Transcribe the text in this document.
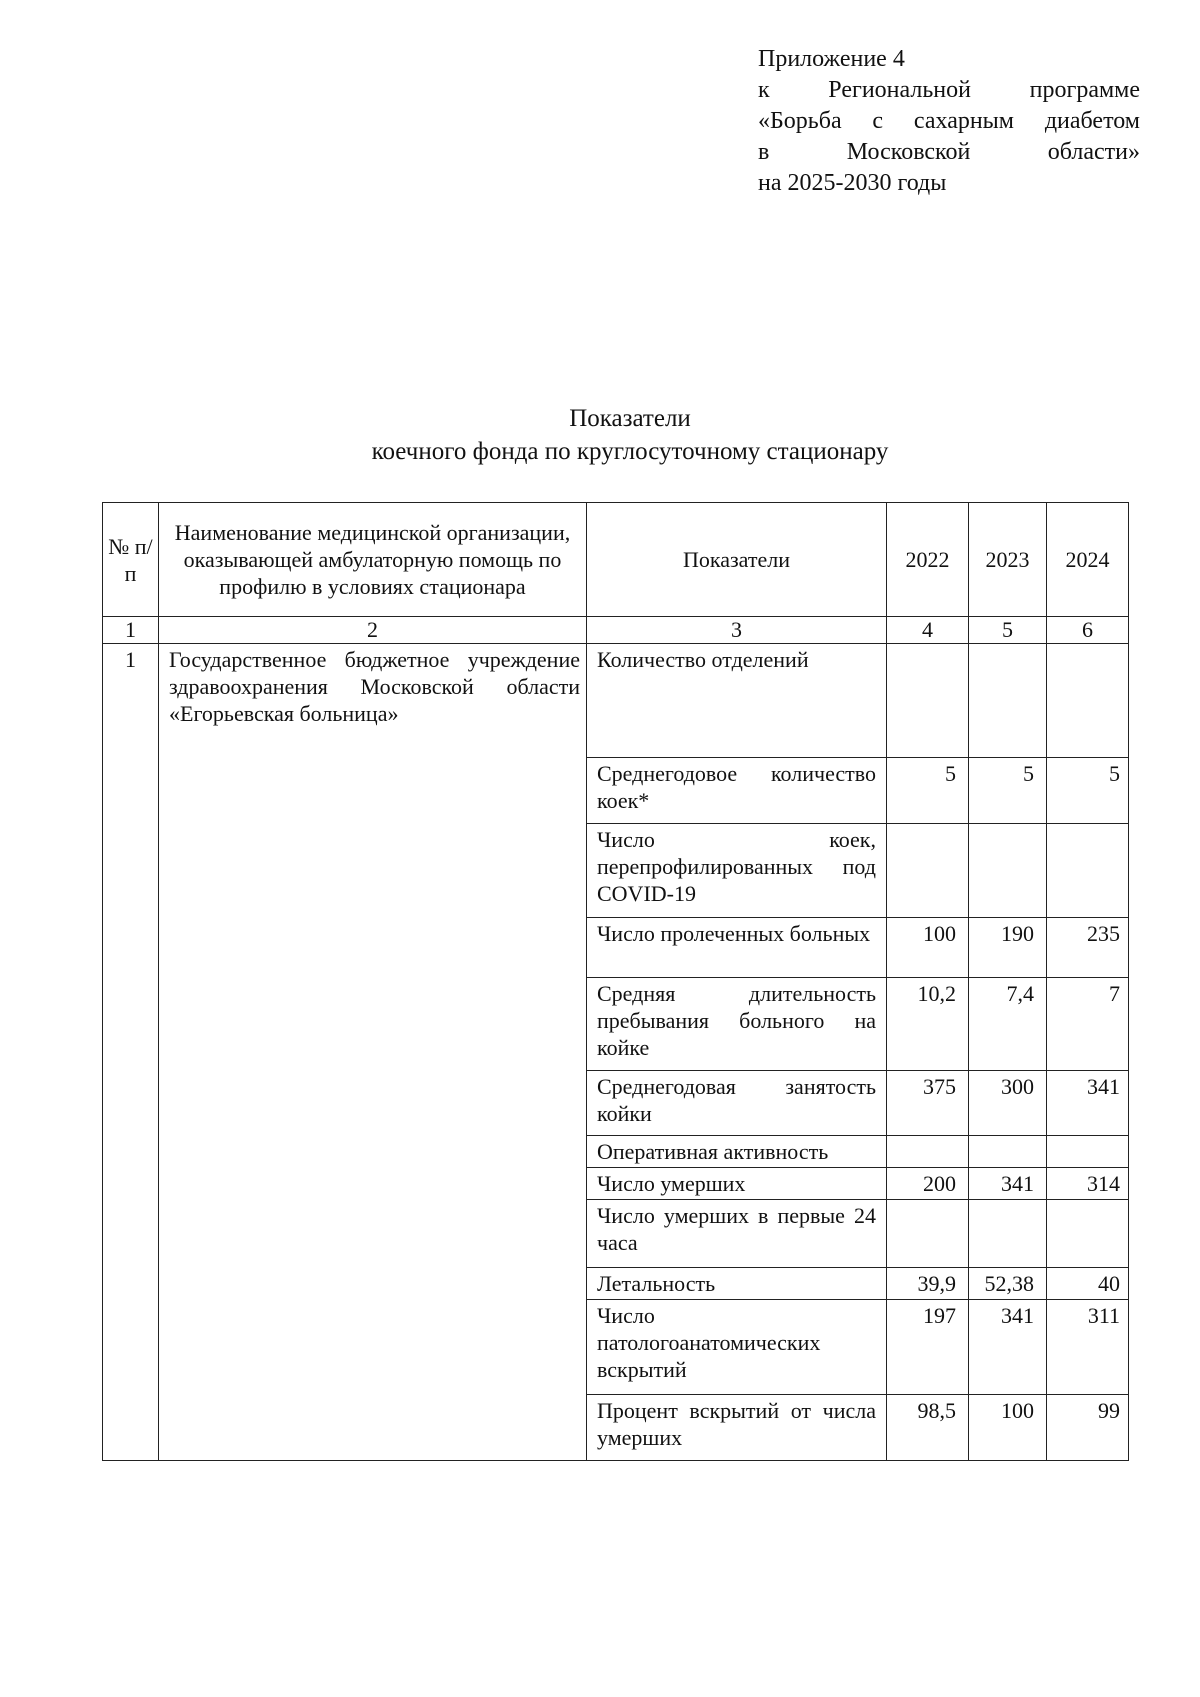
Приложение 4
к Региональной программе
«Борьба с сахарным диабетом
в Московской области»
на 2025-2030 годы
Показатели
коечного фонда по круглосуточному стационару
№ п/п	Наименование медицинской организации, оказывающей амбулаторную помощь по профилю в условиях стационара	Показатели	2022	2023	2024
1	2	3	4	5	6
1	Государственное бюджетное учреждение здравоохранения Московской области «Егорьевская больница»	Количество отделений			
		Среднегодовое количество коек*	5	5	5
		Число коек, перепрофилированных под COVID-19			
		Число пролеченных больных	100	190	235
		Средняя длительность пребывания больного на койке	10,2	7,4	7
		Среднегодовая занятость койки	375	300	341
		Оперативная активность			
		Число умерших	200	341	314
		Число умерших в первые 24 часа			
		Летальность	39,9	52,38	40
		Число патологоанатомических вскрытий	197	341	311
		Процент вскрытий от числа умерших	98,5	100	99
